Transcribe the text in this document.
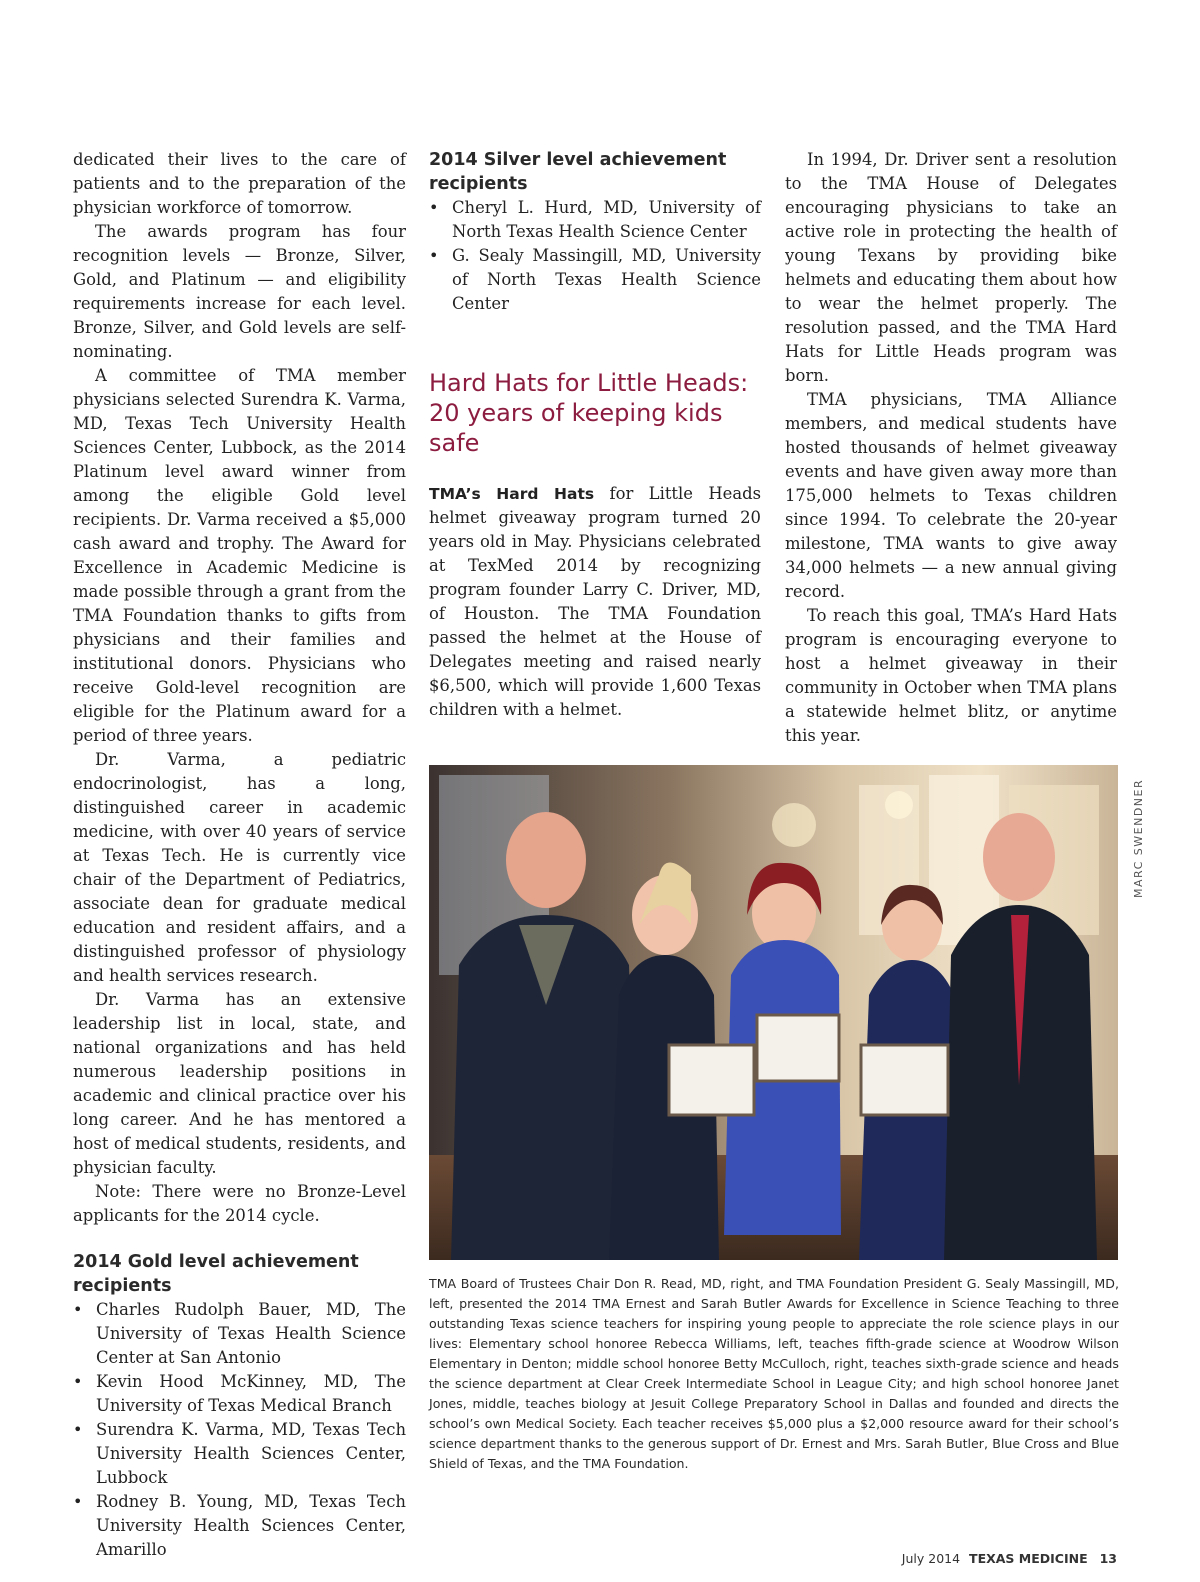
dedicated their lives to the care of patients and to the preparation of the physician workforce of tomorrow.

The awards program has four recognition levels — Bronze, Silver, Gold, and Platinum — and eligibility requirements increase for each level. Bronze, Silver, and Gold levels are self-nominating.

A committee of TMA member physicians selected Surendra K. Varma, MD, Texas Tech University Health Sciences Center, Lubbock, as the 2014 Platinum level award winner from among the eligible Gold level recipients. Dr. Varma received a $5,000 cash award and trophy. The Award for Excellence in Academic Medicine is made possible through a grant from the TMA Foundation thanks to gifts from physicians and their families and institutional donors. Physicians who receive Gold-level recognition are eligible for the Platinum award for a period of three years.

Dr. Varma, a pediatric endocrinologist, has a long, distinguished career in academic medicine, with over 40 years of service at Texas Tech. He is currently vice chair of the Department of Pediatrics, associate dean for graduate medical education and resident affairs, and a distinguished professor of physiology and health services research.

Dr. Varma has an extensive leadership list in local, state, and national organizations and has held numerous leadership positions in academic and clinical practice over his long career. And he has mentored a host of medical students, residents, and physician faculty.

Note: There were no Bronze-Level applicants for the 2014 cycle.

2014 Gold level achievement recipients
• Charles Rudolph Bauer, MD, The University of Texas Health Science Center at San Antonio
• Kevin Hood McKinney, MD, The University of Texas Medical Branch
• Surendra K. Varma, MD, Texas Tech University Health Sciences Center, Lubbock
• Rodney B. Young, MD, Texas Tech University Health Sciences Center, Amarillo
2014 Silver level achievement recipients
• Cheryl L. Hurd, MD, University of North Texas Health Science Center
• G. Sealy Massingill, MD, University of North Texas Health Science Center
Hard Hats for Little Heads: 20 years of keeping kids safe

TMA’s Hard Hats for Little Heads helmet giveaway program turned 20 years old in May. Physicians celebrated at TexMed 2014 by recognizing program founder Larry C. Driver, MD, of Houston. The TMA Foundation passed the helmet at the House of Delegates meeting and raised nearly $6,500, which will provide 1,600 Texas children with a helmet.

In 1994, Dr. Driver sent a resolution to the TMA House of Delegates encouraging physicians to take an active role in protecting the health of young Texans by providing bike helmets and educating them about how to wear the helmet properly. The resolution passed, and the TMA Hard Hats for Little Heads program was born.

TMA physicians, TMA Alliance members, and medical students have hosted thousands of helmet giveaway events and have given away more than 175,000 helmets to Texas children since 1994. To celebrate the 20-year milestone, TMA wants to give away 34,000 helmets — a new annual giving record.

To reach this goal, TMA’s Hard Hats program is encouraging everyone to host a helmet giveaway in their community in October when TMA plans a statewide helmet blitz, or anytime this year.

MARC SWENDNER

TMA Board of Trustees Chair Don R. Read, MD, right, and TMA Foundation President G. Sealy Massingill, MD, left, presented the 2014 TMA Ernest and Sarah Butler Awards for Excellence in Science Teaching to three outstanding Texas science teachers for inspiring young people to appreciate the role science plays in our lives: Elementary school honoree Rebecca Williams, left, teaches fifth-grade science at Woodrow Wilson Elementary in Denton; middle school honoree Betty McCulloch, right, teaches sixth-grade science and heads the science department at Clear Creek Intermediate School in League City; and high school honoree Janet Jones, middle, teaches biology at Jesuit College Preparatory School in Dallas and founded and directs the school’s own Medical Society. Each teacher receives $5,000 plus a $2,000 resource award for their school’s science department thanks to the generous support of Dr. Ernest and Mrs. Sarah Butler, Blue Cross and Blue Shield of Texas, and the TMA Foundation.

July 2014 TEXAS MEDICINE 13
